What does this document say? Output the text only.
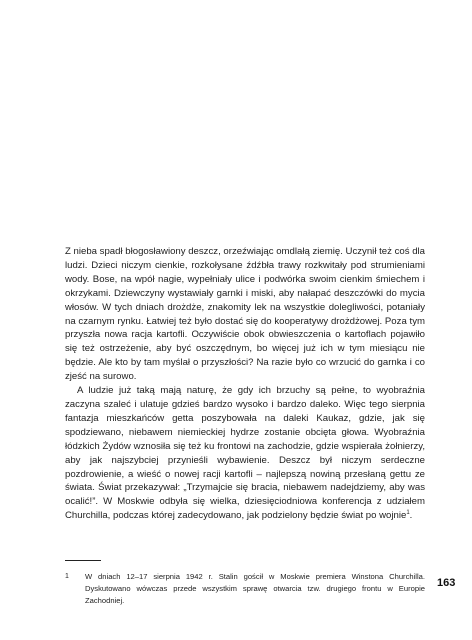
Z nieba spadł błogosławiony deszcz, orzeźwiając omdlałą ziemię. Uczynił też coś dla ludzi. Dzieci niczym cienkie, rozkołysane źdźbła trawy rozkwitały pod strumieniami wody. Bose, na wpół nagie, wypełniały ulice i podwórka swoim cienkim śmiechem i okrzykami. Dziewczyny wystawiały garnki i miski, aby nałapać deszczówki do mycia włosów. W tych dniach drożdże, znakomity lek na wszystkie dolegliwości, potaniały na czarnym rynku. Łatwiej też było dostać się do kooperatywy drożdżowej. Poza tym przyszła nowa racja kartofli. Oczywiście obok obwieszczenia o kartoflach pojawiło się też ostrzeżenie, aby być oszczędnym, bo więcej już ich w tym miesiącu nie będzie. Ale kto by tam myślał o przyszłości? Na razie było co wrzucić do garnka i co zjeść na surowo.

A ludzie już taką mają naturę, że gdy ich brzuchy są pełne, to wyobraźnia zaczyna szaleć i ulatuje gdzieś bardzo wysoko i bardzo daleko. Więc tego sierpnia fantazja mieszkańców getta poszybowała na daleki Kaukaz, gdzie, jak się spodziewano, niebawem niemieckiej hydrze zostanie obcięta głowa. Wyobraźnia łódzkich Żydów wznosiła się też ku frontowi na zachodzie, gdzie wspierała żołnierzy, aby jak najszybciej przynieśli wybawienie. Deszcz był niczym serdeczne pozdrowienie, a wieść o nowej racji kartofli – najlepszą nowiną przesłaną gettu ze świata. Świat przekazywał: „Trzymajcie się bracia, niebawem nadejdziemy, aby was ocalić!”. W Moskwie odbyła się wielka, dziesięciodniowa konferencja z udziałem Churchilla, podczas której zadecydowano, jak podzielony będzie świat po wojnie$^1$.

1	W dniach 12–17 sierpnia 1942 r. Stalin gościł w Moskwie premiera Winstona Churchilla. Dyskutowano wówczas przede wszystkim sprawę otwarcia tzw. drugiego frontu w Europie Zachodniej.
163
